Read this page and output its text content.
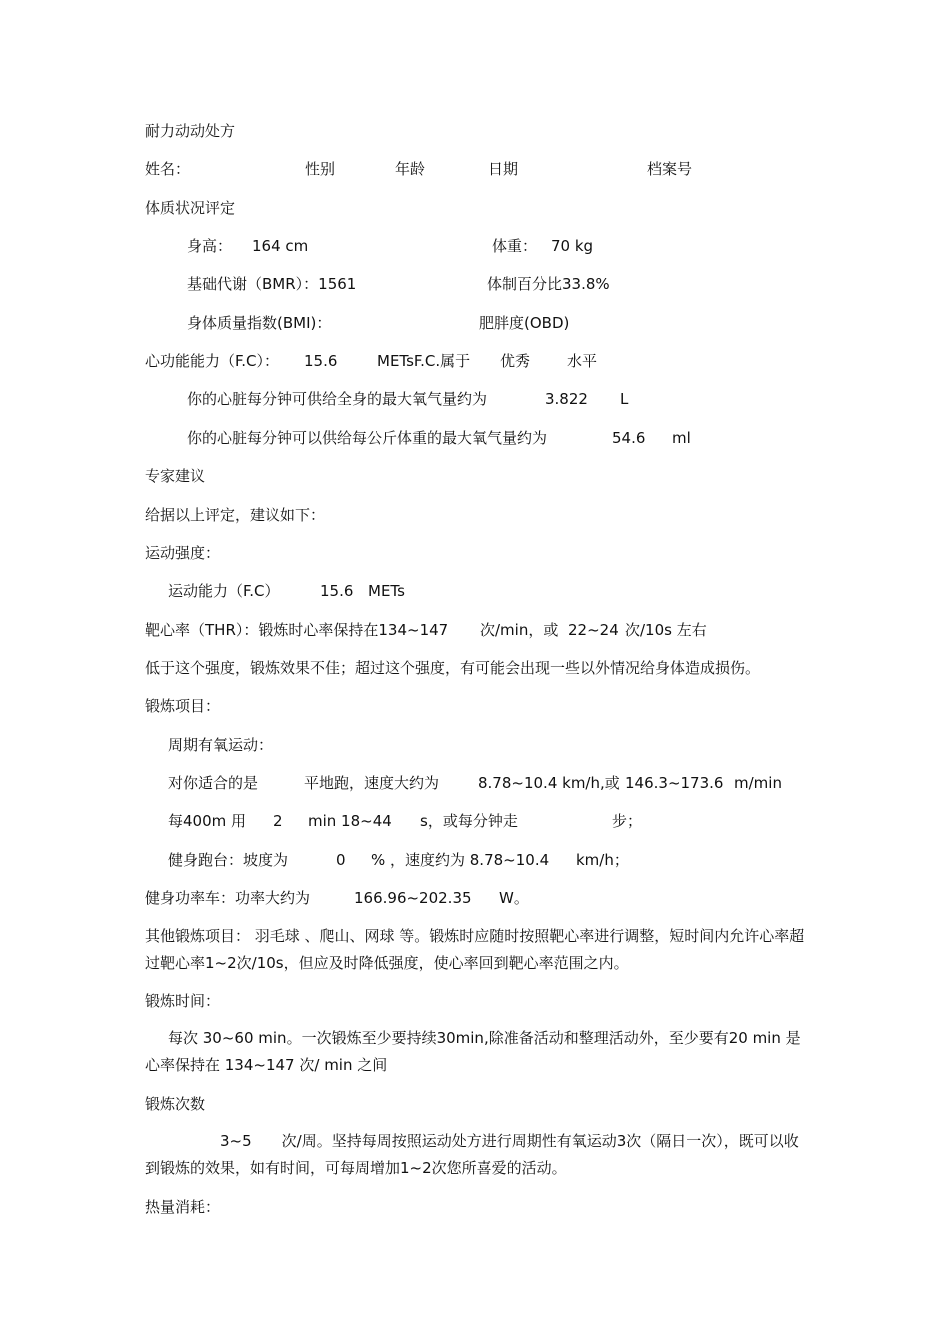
耐力动动处方
姓名：	性别	年龄	日期	档案号
体质状况评定
身高： 164 cm	体重： 70 kg
基础代谢（BMR）：1561	体制百分比33.8%
身体质量指数(BMI)：	肥胖度(OBD)
心功能能力（F.C）： 15.6	METsF.C.属于 优秀 水平
你的心脏每分钟可供给全身的最大氧气量约为	3.822 L
你的心脏每分钟可以供给每公斤体重的最大氧气量约为	54.6 ml
专家建议
给据以上评定，建议如下：
运动强度：
运动能力（F.C）	15.6 METs
靶心率（THR）：锻炼时心率保持在134~147 次/min，或 22~24 次/10s 左右
低于这个强度，锻炼效果不佳；超过这个强度，有可能会出现一些以外情况给身体造成损伤。
锻炼项目：
周期有氧运动：
对你适合的是	平地跑，速度大约为	8.78~10.4 km/h,或 146.3~173.6 m/min
每400m 用 2 min 18~44 s，或每分钟走	步；
健身跑台：坡度为	0 % ，速度约为 8.78~10.4 km/h；
健身功率车：功率大约为	166.96~202.35 W。
其他锻炼项目： 羽毛球 、爬山、网球 等。锻炼时应随时按照靶心率进行调整，短时间内允许心率超过靶心率1~2次/10s，但应及时降低强度，使心率回到靶心率范围之内。
锻炼时间：
每次 30~60 min。一次锻炼至少要持续30min,除准备活动和整理活动外，至少要有20 min 是心率保持在 134~147 次/ min 之间
锻炼次数
3~5 次/周。坚持每周按照运动处方进行周期性有氧运动3次（隔日一次），既可以收到锻炼的效果，如有时间，可每周增加1~2次您所喜爱的活动。
热量消耗：
